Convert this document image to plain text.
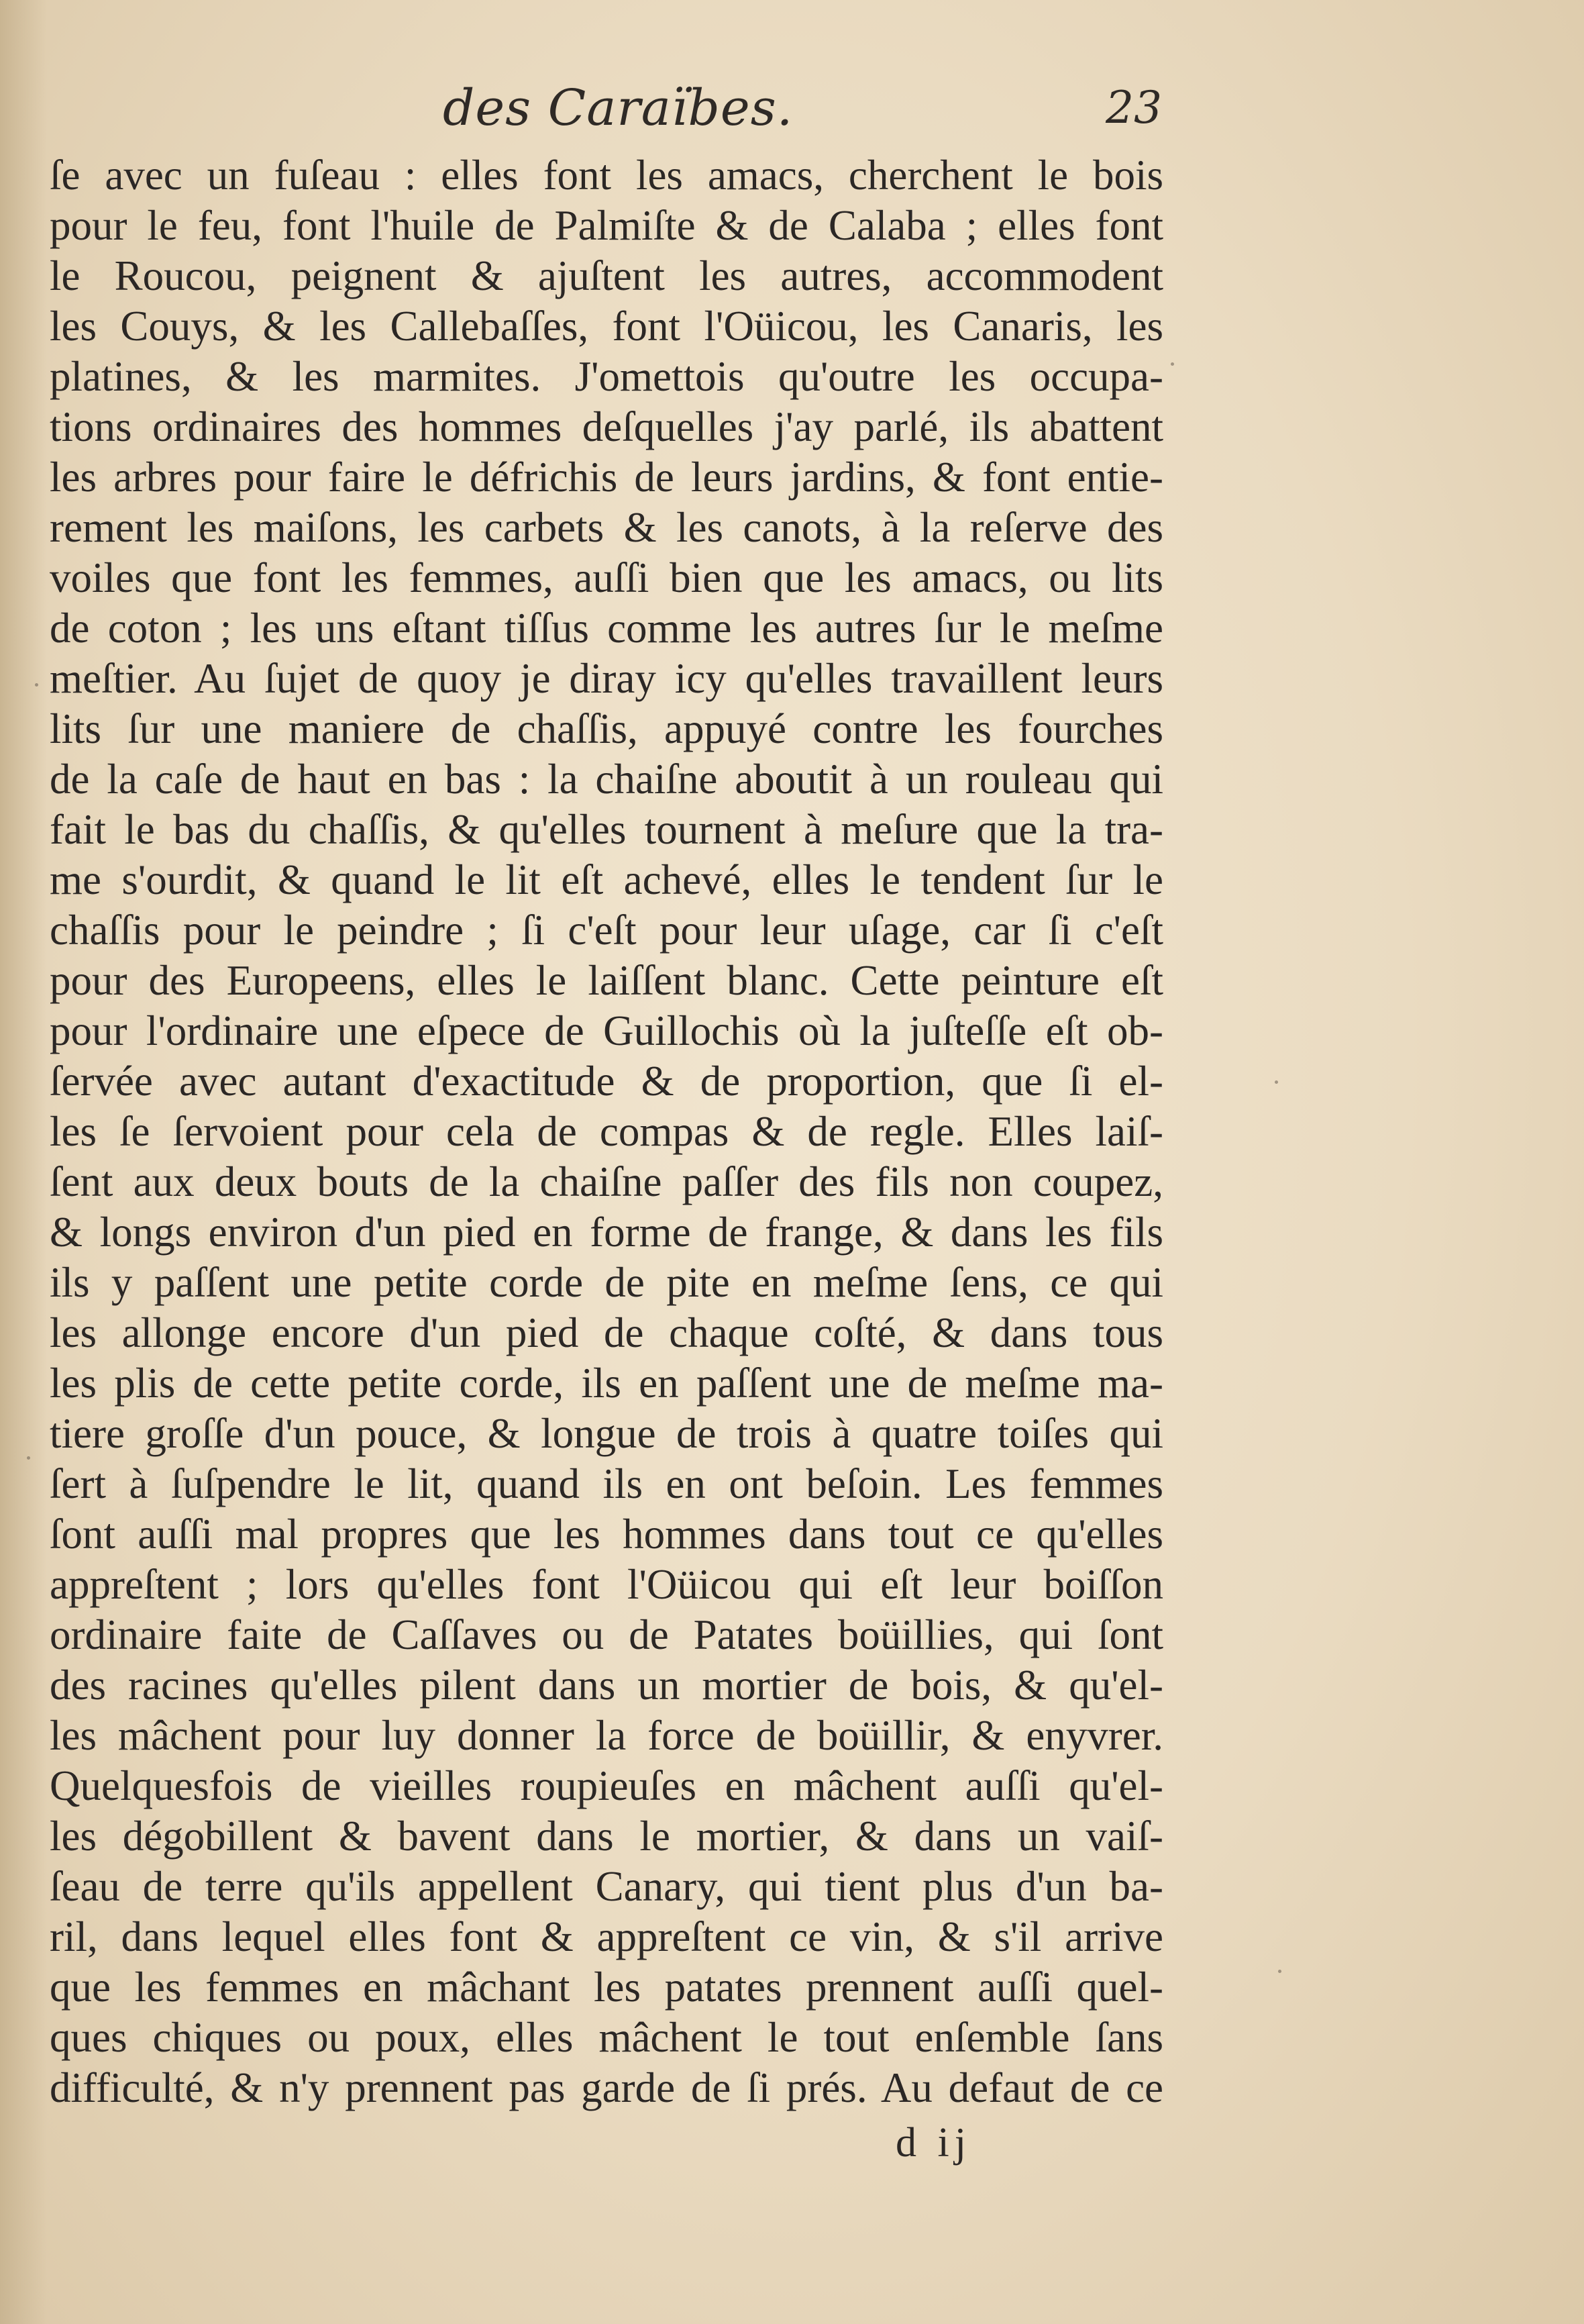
des Caraïbes.	23
ſe avec un fuſeau : elles font les amacs, cherchent le bois
pour le feu, font l'huile de Palmiſte & de Calaba ; elles font
le Roucou, peignent & ajuſtent les autres, accommodent
les Couys, & les Callebaſſes, font l'Oüicou, les Canaris, les
platines, & les marmites. J'omettois qu'outre les occupa-
tions ordinaires des hommes deſquelles j'ay parlé, ils abattent
les arbres pour faire le défrichis de leurs jardins, & font entie-
rement les maiſons, les carbets & les canots, à la reſerve des
voiles que font les femmes, auſſi bien que les amacs, ou lits
de coton ; les uns eſtant tiſſus comme les autres ſur le meſme
meſtier. Au ſujet de quoy je diray icy qu'elles travaillent leurs
lits ſur une maniere de chaſſis, appuyé contre les fourches
de la caſe de haut en bas : la chaiſne aboutit à un rouleau qui
fait le bas du chaſſis, & qu'elles tournent à meſure que la tra-
me s'ourdit, & quand le lit eſt achevé, elles le tendent ſur le
chaſſis pour le peindre ; ſi c'eſt pour leur uſage, car ſi c'eſt
pour des Europeens, elles le laiſſent blanc. Cette peinture eſt
pour l'ordinaire une eſpece de Guillochis où la juſteſſe eſt ob-
ſervée avec autant d'exactitude & de proportion, que ſi el-
les ſe ſervoient pour cela de compas & de regle. Elles laiſ-
ſent aux deux bouts de la chaiſne paſſer des fils non coupez,
& longs environ d'un pied en forme de frange, & dans les fils
ils y paſſent une petite corde de pite en meſme ſens, ce qui
les allonge encore d'un pied de chaque coſté, & dans tous
les plis de cette petite corde, ils en paſſent une de meſme ma-
tiere groſſe d'un pouce, & longue de trois à quatre toiſes qui
ſert à ſuſpendre le lit, quand ils en ont beſoin. Les femmes
ſont auſſi mal propres que les hommes dans tout ce qu'elles
appreſtent ; lors qu'elles font l'Oüicou qui eſt leur boiſſon
ordinaire faite de Caſſaves ou de Patates boüillies, qui ſont
des racines qu'elles pilent dans un mortier de bois, & qu'el-
les mâchent pour luy donner la force de boüillir, & enyvrer.
Quelquesfois de vieilles roupieuſes en mâchent auſſi qu'el-
les dégobillent & bavent dans le mortier, & dans un vaiſ-
ſeau de terre qu'ils appellent Canary, qui tient plus d'un ba-
ril, dans lequel elles font & appreſtent ce vin, & s'il arrive
que les femmes en mâchant les patates prennent auſſi quel-
ques chiques ou poux, elles mâchent le tout enſemble ſans
difficulté, & n'y prennent pas garde de ſi prés. Au defaut de ce
d ij
